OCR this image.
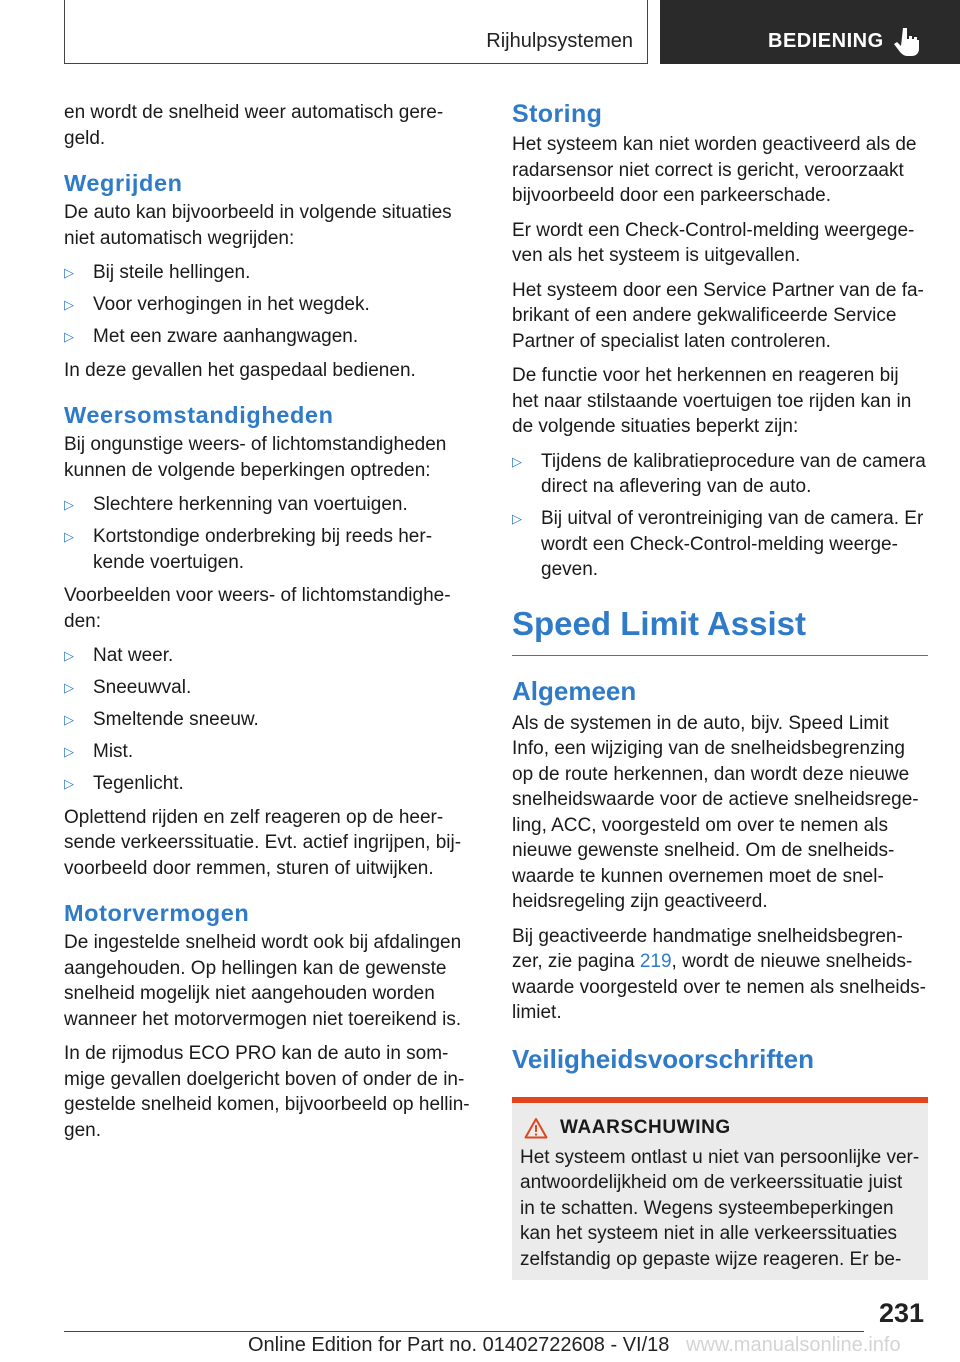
Rijhulpsystemen	BEDIENING

en wordt de snelheid weer automatisch gere-
geld.

Wegrijden

De auto kan bijvoorbeeld in volgende situaties
niet automatisch wegrijden:

▷ Bij steile hellingen.
▷ Voor verhogingen in het wegdek.
▷ Met een zware aanhangwagen.

In deze gevallen het gaspedaal bedienen.

Weersomstandigheden

Bij ongunstige weers- of lichtomstandigheden
kunnen de volgende beperkingen optreden:

▷ Slechtere herkenning van voertuigen.
▷ Kortstondige onderbreking bij reeds her-
kende voertuigen.

Voorbeelden voor weers- of lichtomstandighe-
den:

▷ Nat weer.
▷ Sneeuwval.
▷ Smeltende sneeuw.
▷ Mist.
▷ Tegenlicht.

Oplettend rijden en zelf reageren op de heer-
sende verkeerssituatie. Evt. actief ingrijpen, bij-
voorbeeld door remmen, sturen of uitwijken.

Motorvermogen

De ingestelde snelheid wordt ook bij afdalingen
aangehouden. Op hellingen kan de gewenste
snelheid mogelijk niet aangehouden worden
wanneer het motorvermogen niet toereikend is.

In de rijmodus ECO PRO kan de auto in som-
mige gevallen doelgericht boven of onder de in-
gestelde snelheid komen, bijvoorbeeld op hellin-
gen.

Storing

Het systeem kan niet worden geactiveerd als de
radarsensor niet correct is gericht, veroorzaakt
bijvoorbeeld door een parkeerschade.

Er wordt een Check-Control-melding weergege-
ven als het systeem is uitgevallen.

Het systeem door een Service Partner van de fa-
brikant of een andere gekwalificeerde Service
Partner of specialist laten controleren.

De functie voor het herkennen en reageren bij
het naar stilstaande voertuigen toe rijden kan in
de volgende situaties beperkt zijn:

▷ Tijdens de kalibratieprocedure van de camera
direct na aflevering van de auto.
▷ Bij uitval of verontreiniging van de camera. Er
wordt een Check-Control-melding weerge-
geven.
Speed Limit Assist
Algemeen

Als de systemen in de auto, bijv. Speed Limit
Info, een wijziging van de snelheidsbegrenzing
op de route herkennen, dan wordt deze nieuwe
snelheidswaarde voor de actieve snelheidsrege-
ling, ACC, voorgesteld om over te nemen als
nieuwe gewenste snelheid. Om de snelheids-
waarde te kunnen overnemen moet de snel-
heidsregeling zijn geactiveerd.

Bij geactiveerde handmatige snelheidsbegren-
zer, zie pagina 219, wordt de nieuwe snelheids-
waarde voorgesteld over te nemen als snelheids-
limiet.

Veiligheidsvoorschriften
WAARSCHUWING

Het systeem ontlast u niet van persoonlijke ver-
antwoordelijkheid om de verkeerssituatie juist
in te schatten. Wegens systeembeperkingen
kan het systeem niet in alle verkeerssituaties
zelfstandig op gepaste wijze reageren. Er be-

231
Online Edition for Part no. 01402722608 - VI/18 www.manualsonline.info
